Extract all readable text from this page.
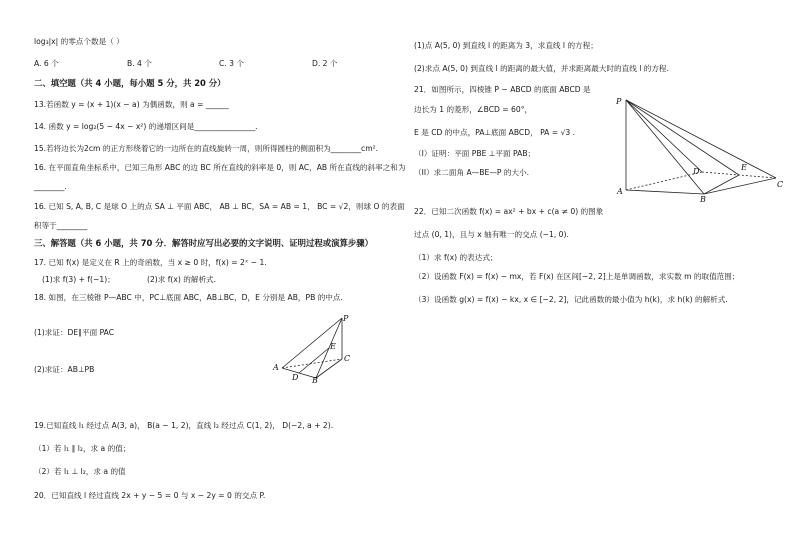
log₃|x| 的零点个数是（ ）
A. 6 个	B. 4 个	C. 3 个	D. 2 个
二、填空题（共 4 小题，每小题 5 分，共 20 分）
13.若函数 y = (x + 1)(x − a) 为偶函数，则 a = ______
14. 函数 y = log₂(5 − 4x − x²) 的递增区间是________________.
15.若将边长为2cm 的正方形绕着它的一边所在的直线旋转一周，则所得圆柱的侧面积为________cm².
16. 在平面直角坐标系中，已知三角形 ABC 的边 BC 所在直线的斜率是 0，则 AC，AB 所在直线的斜率之和为
________.
16. 已知 S, A, B, C 是球 O 上的点 SA ⊥ 平面 ABC， AB ⊥ BC，SA = AB = 1， BC = √2，则球 O 的表面
积等于________
三、解答题（共 6 小题，共 70 分．解答时应写出必要的文字说明、证明过程或演算步骤）
17. 已知 f(x) 是定义在 R 上的奇函数，当 x ≥ 0 时，f(x) = 2ˣ − 1.
(1)求 f(3) + f(−1)；	(2)求 f(x) 的解析式.
18. 如图，在三棱锥 P—ABC 中，PC⊥底面 ABC，AB⊥BC，D，E 分别是 AB，PB 的中点.
(1)求证：DE∥平面 PAC
(2)求证：AB⊥PB
P
E
C
A
D B
19.已知直线 l₁ 经过点 A(3, a)， B(a − 1, 2)，直线 l₂ 经过点 C(1, 2)， D(−2, a + 2).
（1）若 l₁ ∥ l₂，求 a 的值；
（2）若 l₁ ⊥ l₂，求 a 的值
20．已知直线 l 经过直线 2x + y − 5 = 0 与 x − 2y = 0 的交点 P.
(1)点 A(5, 0) 到直线 l 的距离为 3，求直线 l 的方程；
(2)求点 A(5, 0) 到直线 l 的距离的最大值，并求距离最大时的直线 l 的方程.
21．如图所示，四棱锥 P − ABCD 的底面 ABCD 是
边长为 1 的菱形，∠BCD = 60°，
E 是 CD 的中点，PA⊥底面 ABCD， PA = √3 .
（I）证明：平面 PBE ⊥平面 PAB；
（II）求二面角 A—BE—P 的大小.
P
D	E
A
B
C
22．已知二次函数 f(x) = ax² + bx + c(a ≠ 0) 的图象
过点 (0, 1)，且与 x 轴有唯一的交点 (−1, 0).
（1）求 f(x) 的表达式；
（2）设函数 F(x) = f(x) − mx，若 F(x) 在区间[−2, 2]上是单调函数，求实数 m 的取值范围；
（3）设函数 g(x) = f(x) − kx, x ∈ [−2, 2]，记此函数的最小值为 h(k)，求 h(k) 的解析式.
